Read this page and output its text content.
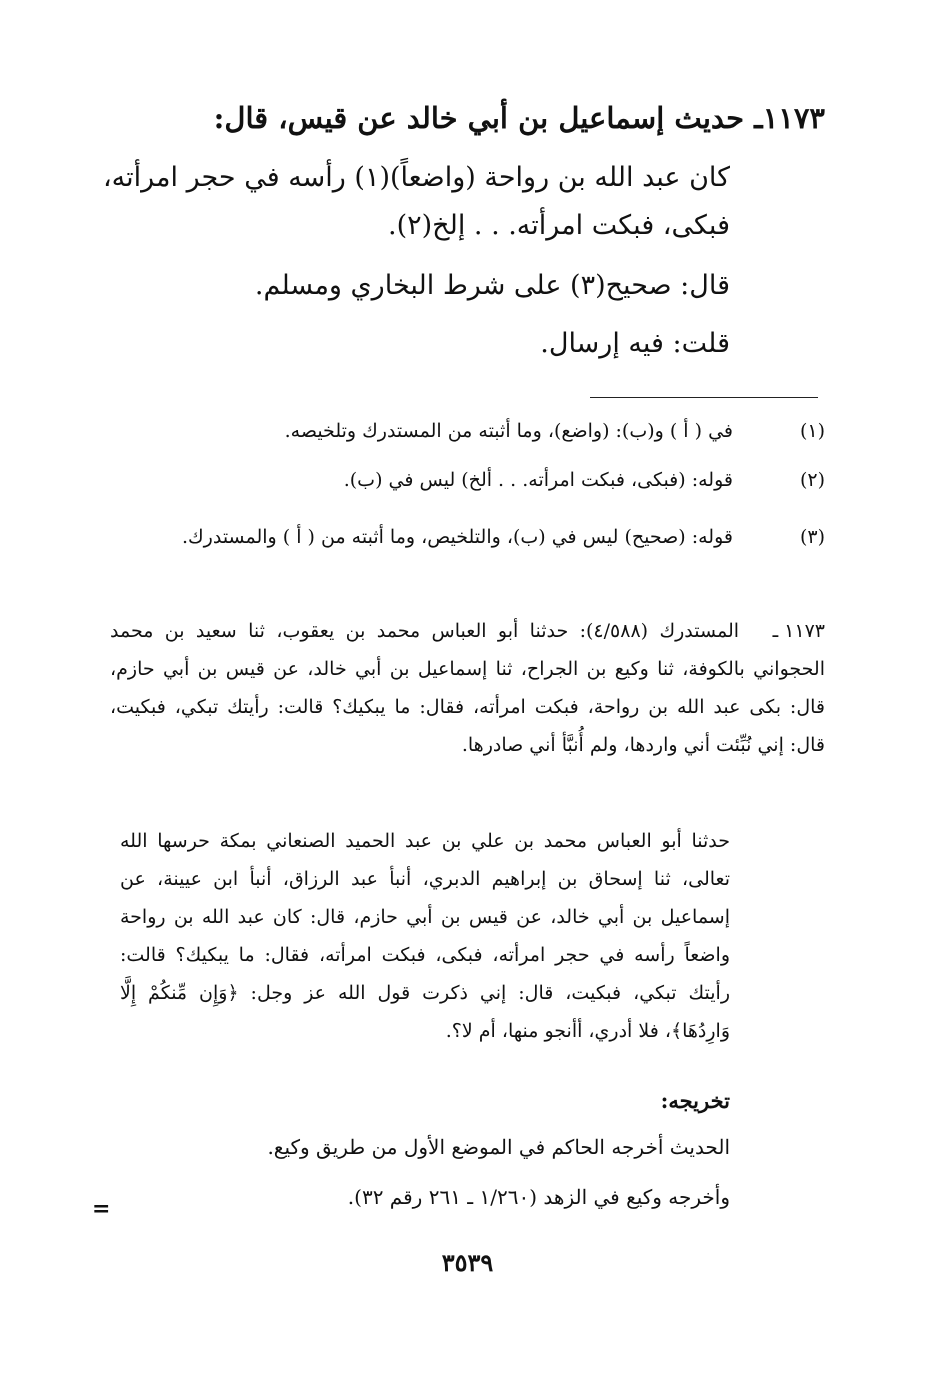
١١٧٣ـ حديث إسماعيل بن أبي خالد عن قيس، قال:
كان عبد الله بن رواحة (واضعاً)(١) رأسه في حجر امرأته،
فبكى، فبكت امرأته. . . إلخ(٢).
قال: صحيح(٣) على شرط البخاري ومسلم.
قلت: فيه إرسال.
(١)
في ( أ ) و(ب): (واضع)، وما أثبته من المستدرك وتلخيصه.
(٢)
قوله: (فبكى، فبكت امرأته. . . ألخ) ليس في (ب).
(٣)
قوله: (صحيح) ليس في (ب)، والتلخيص، وما أثبته من ( أ ) والمستدرك.
١١٧٣ ـ
المستدرك (٤/٥٨٨): حدثنا أبو العباس محمد بن يعقوب، ثنا سعيد بن محمد الحجواني بالكوفة، ثنا وكيع بن الجراح، ثنا إسماعيل بن أبي خالد، عن قيس بن أبي حازم، قال: بكى عبد الله بن رواحة، فبكت امرأته، فقال: ما يبكيك؟ قالت: رأيتك تبكي، فبكيت، قال: إني نُبِّئت أني واردها، ولم أُنبَّأ أني صادرها.
حدثنا أبو العباس محمد بن علي بن عبد الحميد الصنعاني بمكة حرسها الله تعالى، ثنا إسحاق بن إبراهيم الدبري، أنبأ عبد الرزاق، أنبأ ابن عيينة، عن إسماعيل بن أبي خالد، عن قيس بن أبي حازم، قال: كان عبد الله بن رواحة واضعاً رأسه في حجر امرأته، فبكى، فبكت امرأته، فقال: ما يبكيك؟ قالت: رأيتك تبكي، فبكيت، قال: إني ذكرت قول الله عز وجل: ﴿وَإِن مِّنكُمْ إِلَّا وَارِدُهَا﴾، فلا أدري، أأنجو منها، أم لا؟.
تخريجه:
الحديث أخرجه الحاكم في الموضع الأول من طريق وكيع.
وأخرجه وكيع في الزهد (١/٢٦٠ ـ ٢٦١ رقم ٣٢).
=
٣٥٣٩
